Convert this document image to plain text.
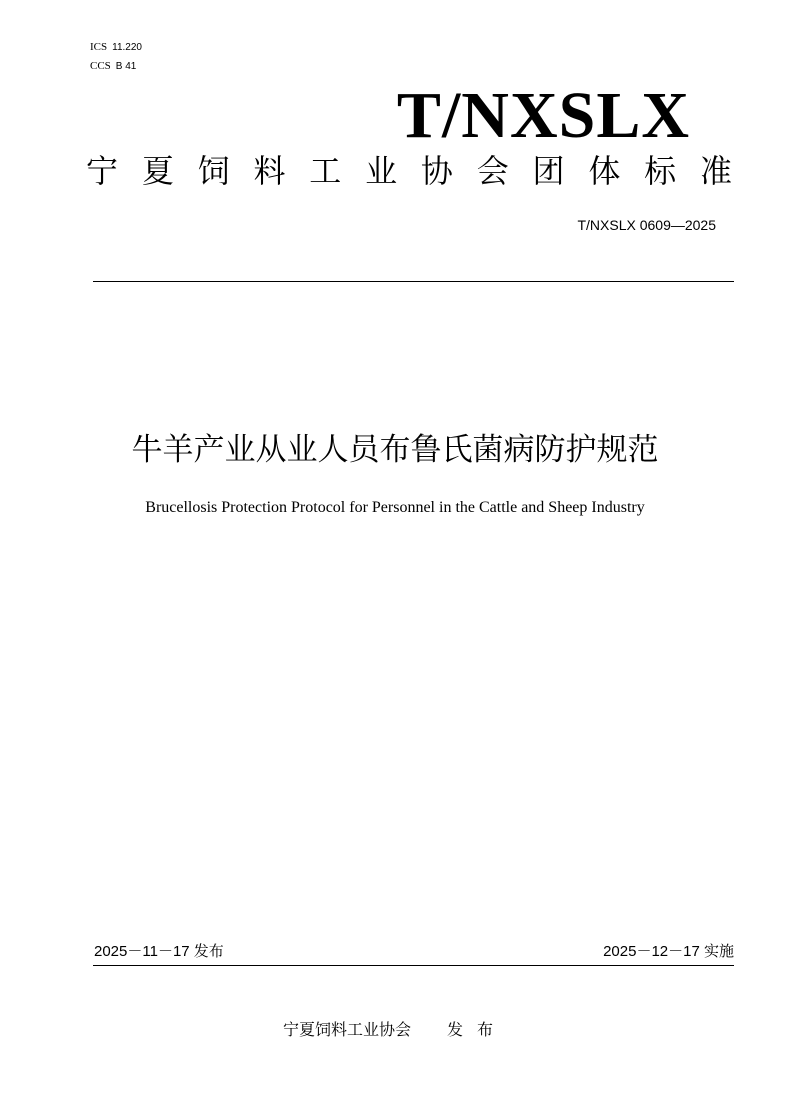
ICS 11.220
CCS B 41
T/NXSLX
宁 夏 饲 料 工 业 协 会 团 体 标 准
T/NXSLX 0609—2025
牛羊产业从业人员布鲁氏菌病防护规范

Brucellosis Protection Protocol for Personnel in the Cattle and Sheep Industry

2025－11－17 发布	2025－12－17 实施
宁夏饲料工业协会 发布
